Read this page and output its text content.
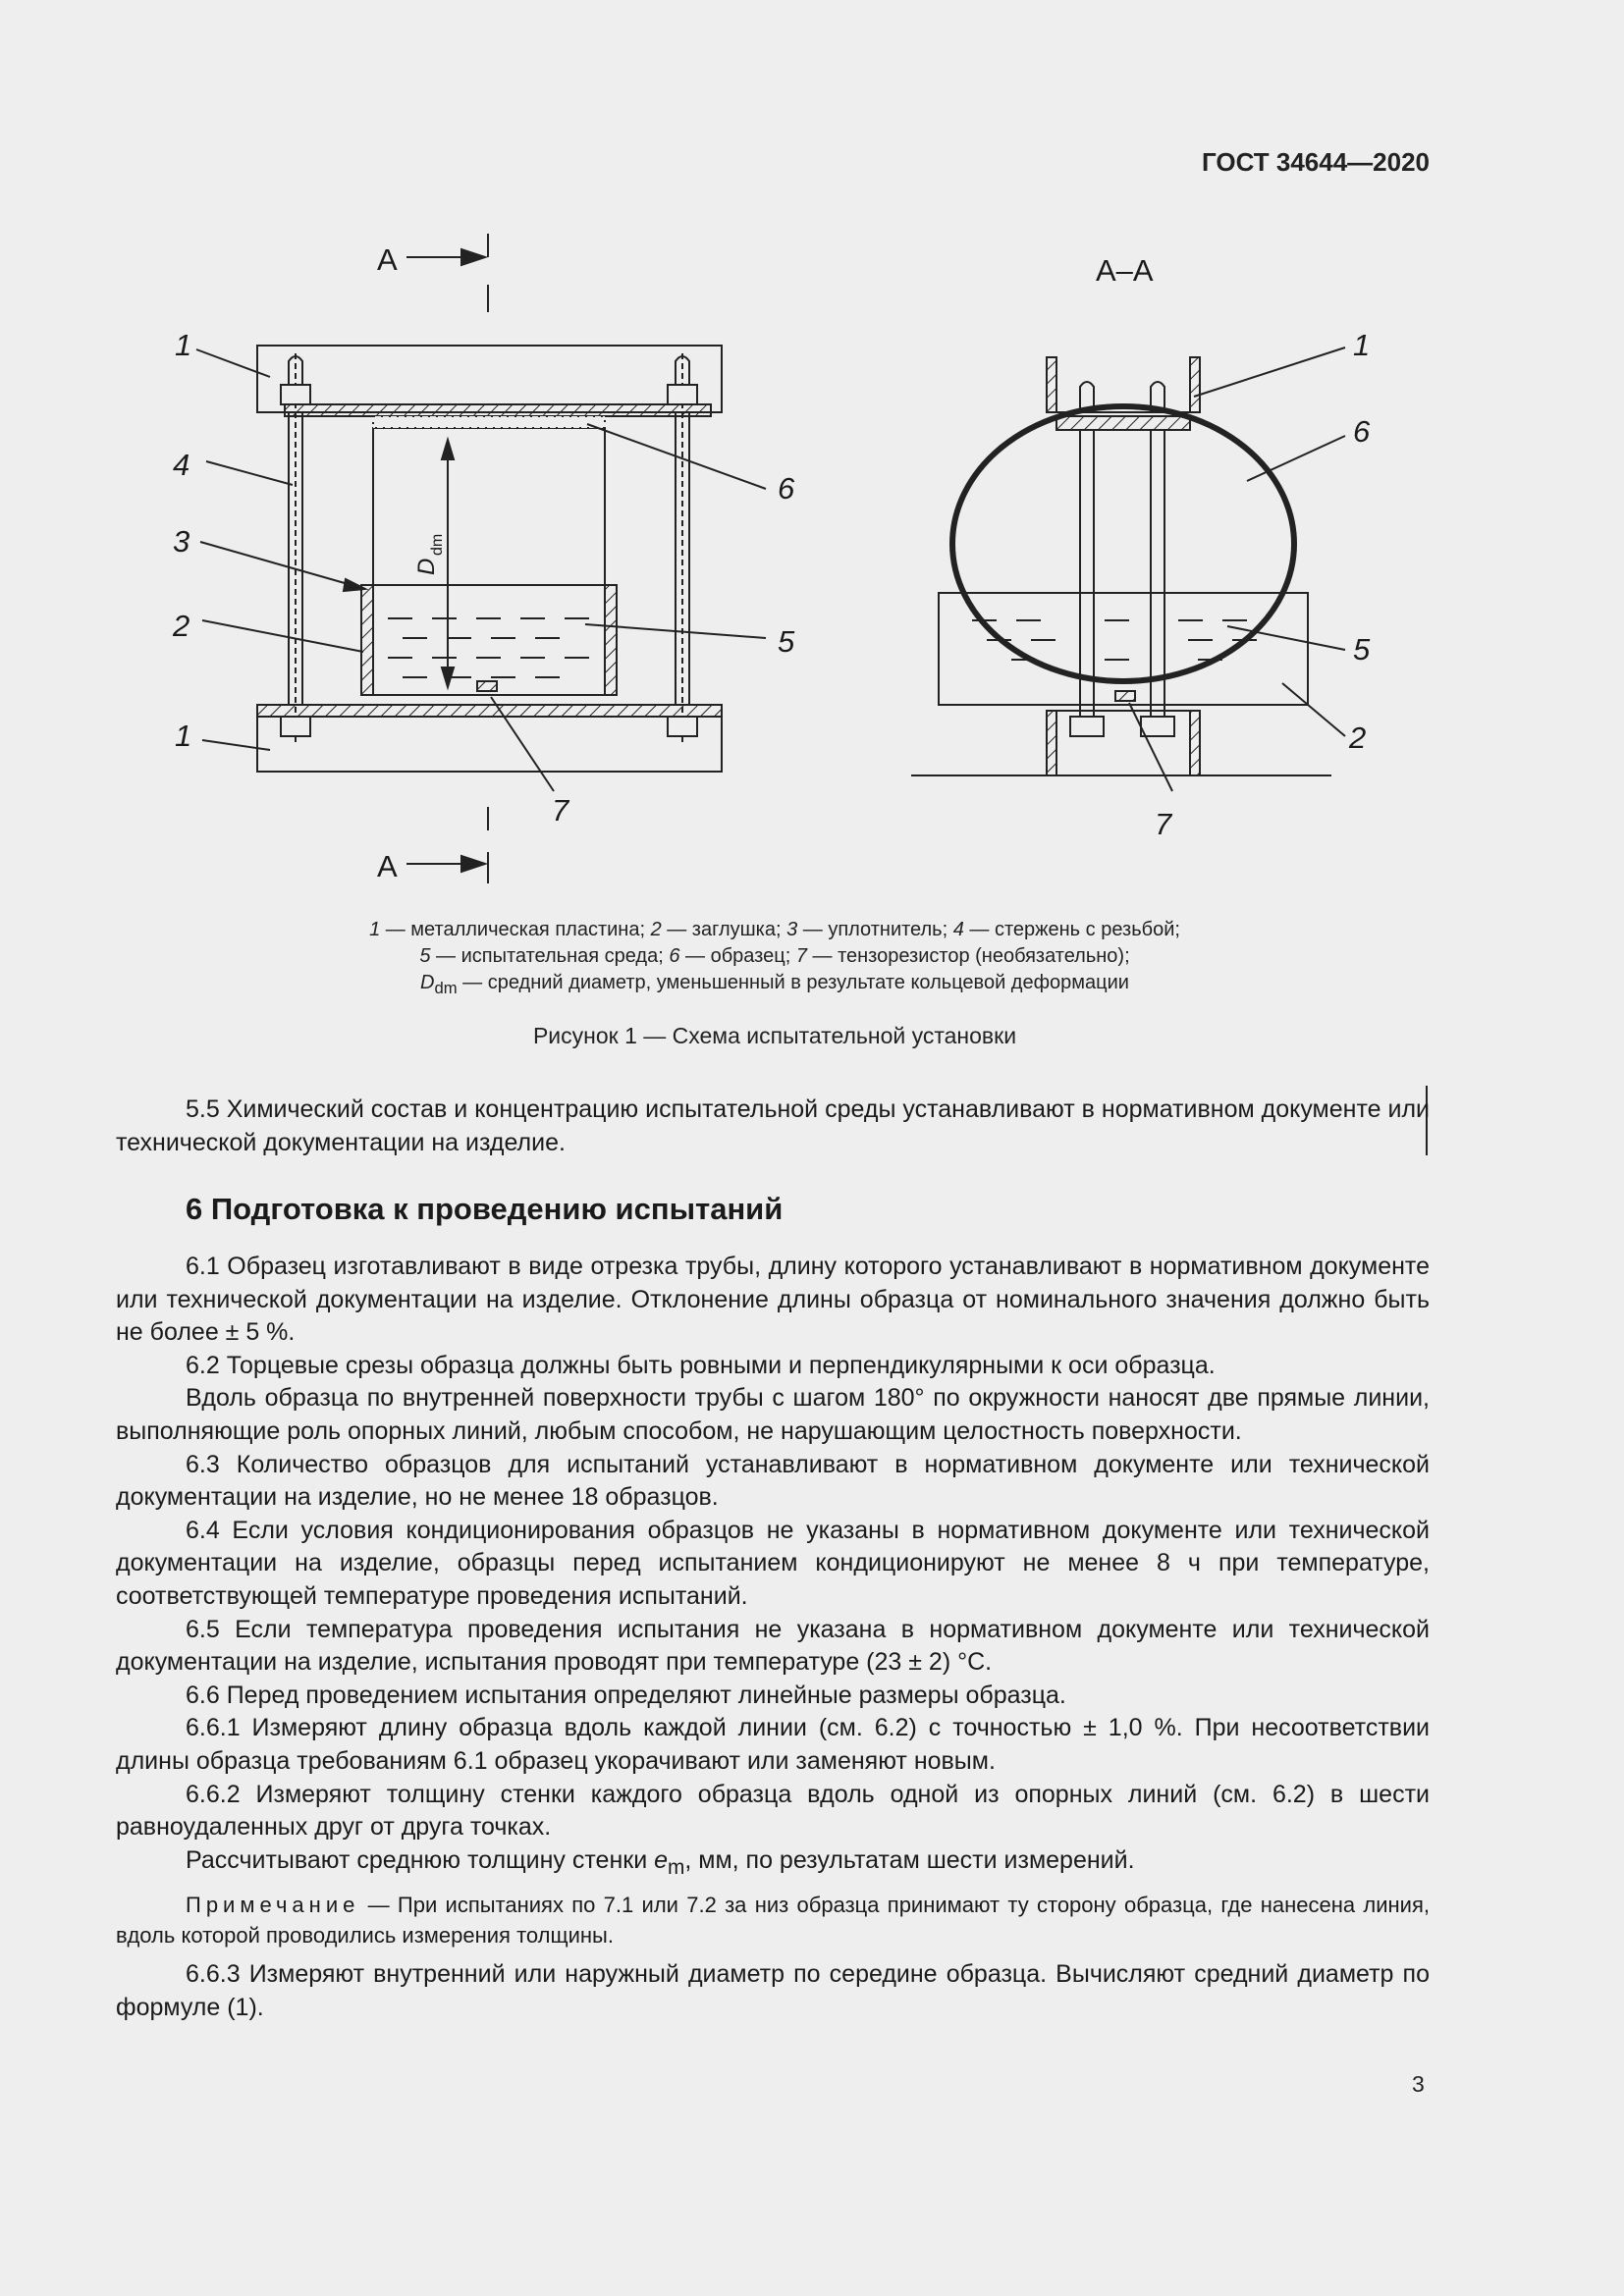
ГОСТ 34644—2020
А
А
1
4
3
2
1
6
5
7
D
dm
А–А
1
6
5
2
7
1 — металлическая пластина; 2 — заглушка; 3 — уплотнитель; 4 — стержень с резьбой;
5 — испытательная среда; 6 — образец; 7 — тензорезистор (необязательно);
$D_{dm}$ — средний диаметр, уменьшенный в результате кольцевой деформации
Рисунок 1 — Схема испытательной установки

5.5 Химический состав и концентрацию испытательной среды устанавливают в нормативном документе или технической документации на изделие.

6 Подготовка к проведению испытаний

6.1 Образец изготавливают в виде отрезка трубы, длину которого устанавливают в нормативном документе или технической документации на изделие. Отклонение длины образца от номинального значения должно быть не более ± 5 %.

6.2 Торцевые срезы образца должны быть ровными и перпендикулярными к оси образца.

Вдоль образца по внутренней поверхности трубы с шагом 180° по окружности наносят две прямые линии, выполняющие роль опорных линий, любым способом, не нарушающим целостность поверхности.

6.3 Количество образцов для испытаний устанавливают в нормативном документе или технической документации на изделие, но не менее 18 образцов.

6.4 Если условия кондиционирования образцов не указаны в нормативном документе или технической документации на изделие, образцы перед испытанием кондиционируют не менее 8 ч при температуре, соответствующей температуре проведения испытаний.

6.5 Если температура проведения испытания не указана в нормативном документе или технической документации на изделие, испытания проводят при температуре (23 ± 2) °С.

6.6 Перед проведением испытания определяют линейные размеры образца.

6.6.1 Измеряют длину образца вдоль каждой линии (см. 6.2) с точностью ± 1,0 %. При несоответствии длины образца требованиям 6.1 образец укорачивают или заменяют новым.

6.6.2 Измеряют толщину стенки каждого образца вдоль одной из опорных линий (см. 6.2) в шести равноудаленных друг от друга точках.

Рассчитывают среднюю толщину стенки $e_m$, мм, по результатам шести измерений.

Примечание — При испытаниях по 7.1 или 7.2 за низ образца принимают ту сторону образца, где нанесена линия, вдоль которой проводились измерения толщины.

6.6.3 Измеряют внутренний или наружный диаметр по середине образца. Вычисляют средний диаметр по формуле (1).

3
